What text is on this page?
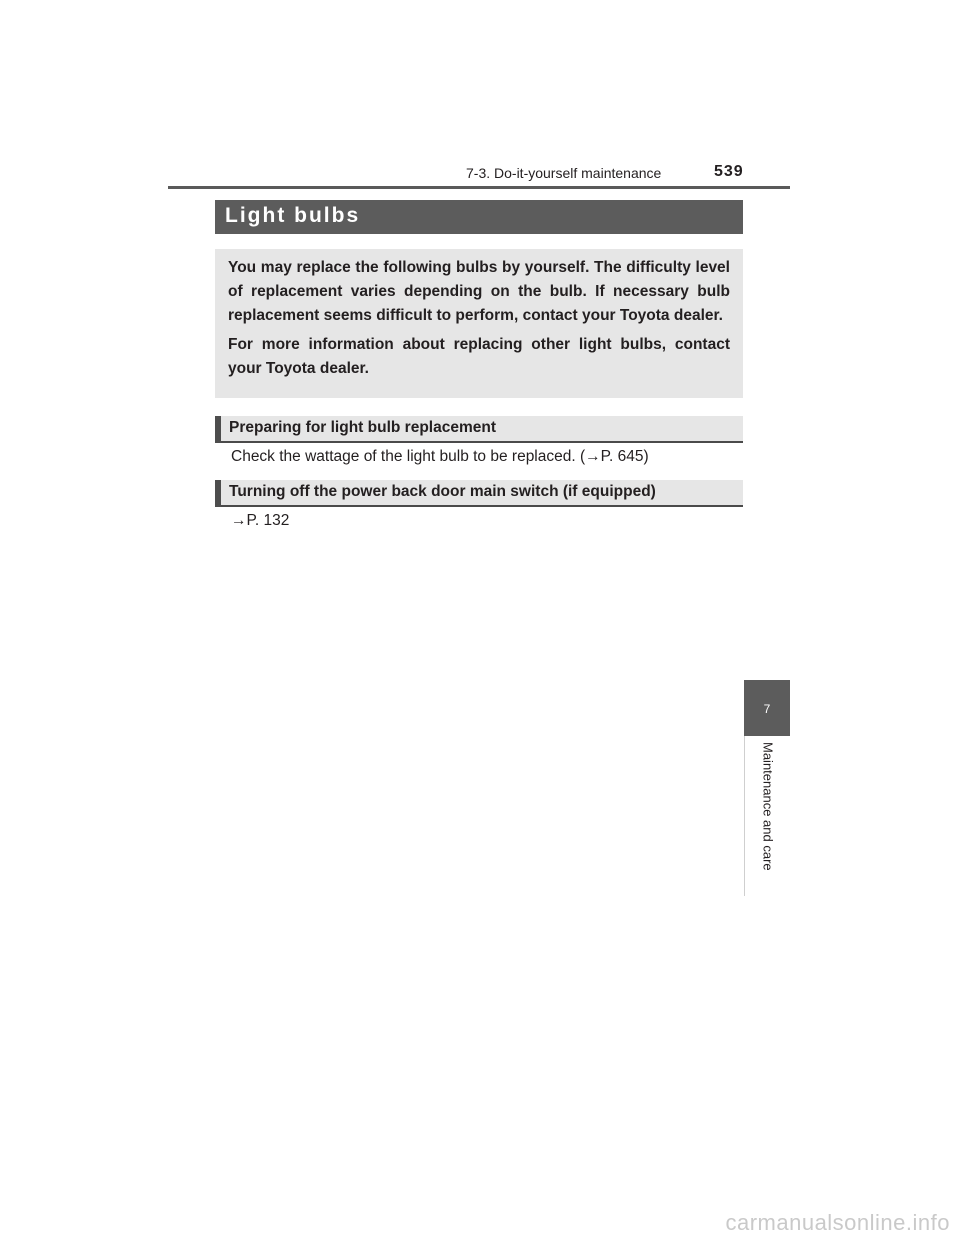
7-3. Do-it-yourself maintenance	539
Light bulbs

You may replace the following bulbs by yourself. The difficulty level of replacement varies depending on the bulb. If necessary bulb replacement seems difficult to perform, contact your Toyota dealer.

For more information about replacing other light bulbs, contact your Toyota dealer.

Preparing for light bulb replacement
Check the wattage of the light bulb to be replaced. (→P. 645)
Turning off the power back door main switch (if equipped)
→P. 132
7
Maintenance and care
carmanualsonline.info
